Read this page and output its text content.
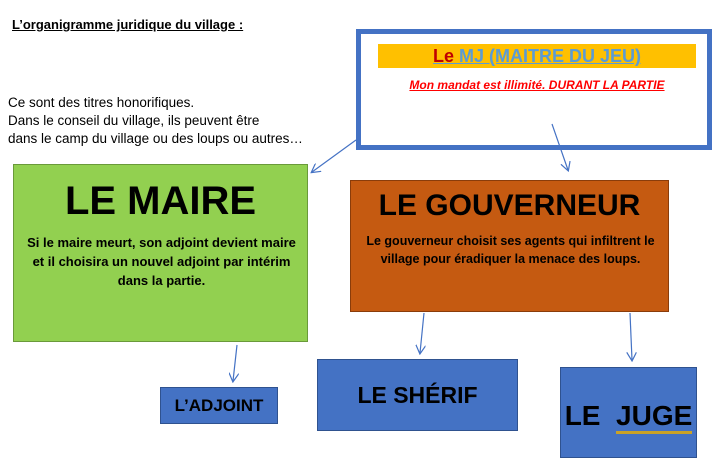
L’organigramme juridique du village :
Ce sont des titres honorifiques.
Dans le conseil du village, ils peuvent être
dans le camp du village ou des loups ou autres…
Le MJ (MAITRE DU JEU)
Mon mandat est illimité. DURANT LA PARTIE
LE MAIRE
Si le maire meurt, son adjoint devient maire et il choisira un nouvel adjoint par intérim dans la partie.
LE GOUVERNEUR
Le gouverneur choisit ses agents qui infiltrent le village pour éradiquer la menace des loups.
L’ADJOINT	LE SHÉRIF
LE  JUGE
